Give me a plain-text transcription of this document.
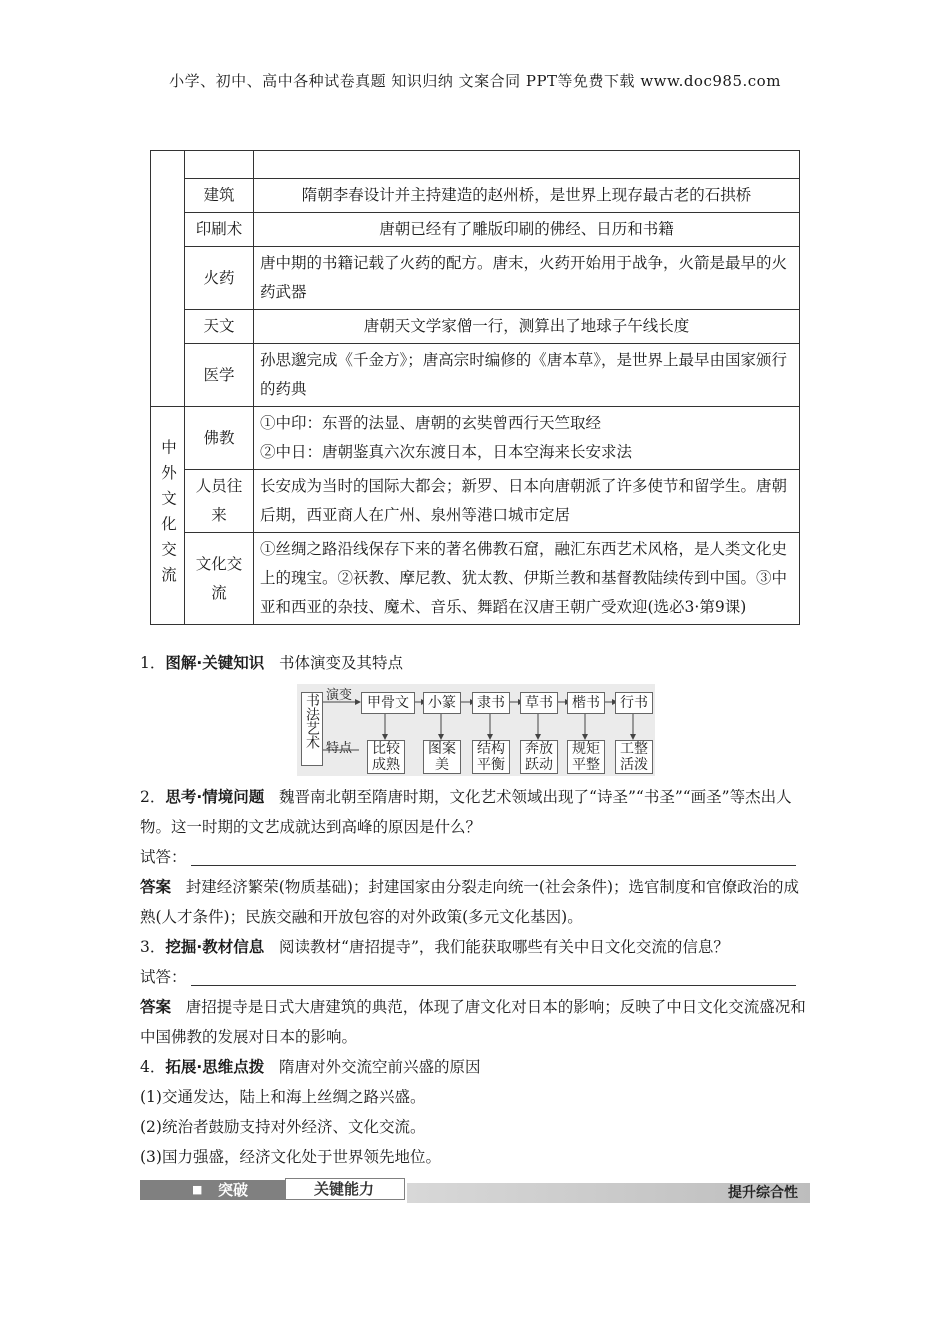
小学、初中、高中各种试卷真题 知识归纳 文案合同 PPT等免费下载 www.doc985.com

	建筑	隋朝李春设计并主持建造的赵州桥，是世界上现存最古老的石拱桥
	印刷术	唐朝已经有了雕版印刷的佛经、日历和书籍
	火药	唐中期的书籍记载了火药的配方。唐末，火药开始用于战争，火箭是最早的火药武器
	天文	唐朝天文学家僧一行，测算出了地球子午线长度
	医学	孙思邈完成《千金方》；唐高宗时编修的《唐本草》，是世界上最早由国家颁行的药典

中外文化交流	佛教	①中印：东晋的法显、唐朝的玄奘曾西行天竺取经
②中日：唐朝鉴真六次东渡日本，日本空海来长安求法

	人员往来	长安成为当时的国际大都会；新罗、日本向唐朝派了许多使节和留学生。唐朝后期，西亚商人在广州、泉州等港口城市定居
	文化交流	①丝绸之路沿线保存下来的著名佛教石窟，融汇东西艺术风格，是人类文化史上的瑰宝。②祆教、摩尼教、犹太教、伊斯兰教和基督教陆续传到中国。③中亚和西亚的杂技、魔术、音乐、舞蹈在汉唐王朝广受欢迎(选必3·第9课)
1．图解·关键知识 书体演变及其特点
书法艺术 演变
特点
甲骨文	小篆	隶书	草书	楷书	行书
比较成熟
图案美
结构平衡
奔放跃动
规矩平整
工整活泼
2．思考·情境问题 魏晋南北朝至隋唐时期，文化艺术领域出现了“诗圣”“书圣”“画圣”等杰出人物。这一时期的文艺成就达到高峰的原因是什么？
试答：
答案 封建经济繁荣(物质基础)；封建国家由分裂走向统一(社会条件)；选官制度和官僚政治的成熟(人才条件)；民族交融和开放包容的对外政策(多元文化基因)。
3．挖掘·教材信息 阅读教材“唐招提寺”，我们能获取哪些有关中日文化交流的信息？
试答：
答案 唐招提寺是日式大唐建筑的典范，体现了唐文化对日本的影响；反映了中日文化交流盛况和中国佛教的发展对日本的影响。
4．拓展·思维点拨 隋唐对外交流空前兴盛的原因
(1)交通发达，陆上和海上丝绸之路兴盛。
(2)统治者鼓励支持对外经济、文化交流。
(3)国力强盛，经济文化处于世界领先地位。
■ 突破	关键能力	提升综合性
